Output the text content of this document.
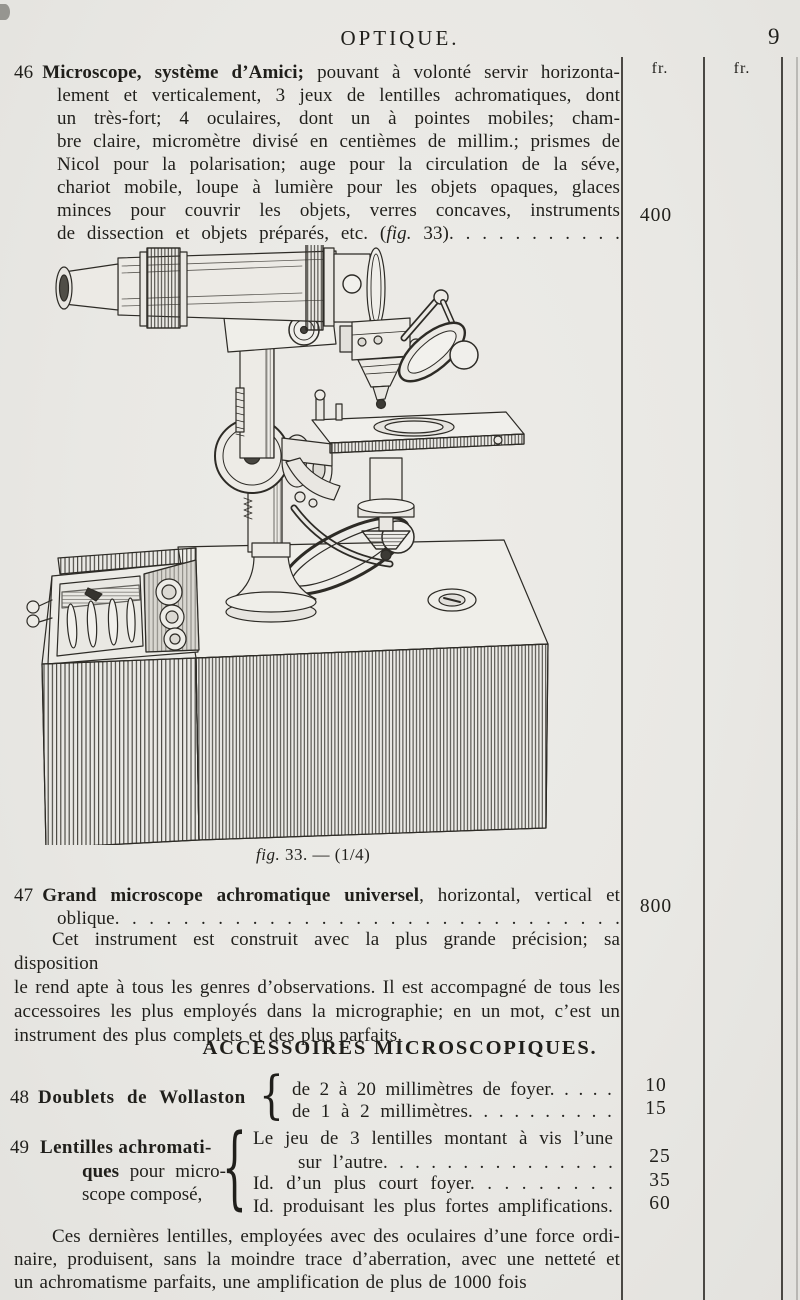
OPTIQUE.	9
fr.	fr.
46 Microscope, système d’Amici; pouvant à volonté servir horizonta-
lement et verticalement, 3 jeux de lentilles achromatiques, dont
un très-fort; 4 oculaires, dont un à pointes mobiles; cham-
bre claire, micromètre divisé en centièmes de millim.; prismes de
Nicol pour la polarisation; auge pour la circulation de la séve,
chariot mobile, loupe à lumière pour les objets opaques, glaces
minces pour couvrir les objets, verres concaves, instruments
de dissection et objets préparés, etc. (fig. 33). . . . . . . . . . .
400
fig. 33. — (1/4)
47 Grand microscope achromatique universel, horizontal, vertical et
oblique. . . . . . . . . . . . . . . . . . . . . . . . . . . . . .
800
Cet instrument est construit avec la plus grande précision; sa disposition
le rend apte à tous les genres d’observations. Il est accompagné de tous les
accessoires les plus employés dans la micrographie; en un mot, c’est un
instrument des plus complets et des plus parfaits.
ACCESSOIRES MICROSCOPIQUES.
48 Doublets de Wollaston { de 2 à 20 millimètres de foyer. . . . .
de 1 à 2 millimètres. . . . . . . . . .
10
15
49 Lentilles achromati-
ques pour micro-
scope composé, { Le jeu de 3 lentilles montant à vis l’une
sur l’autre. . . . . . . . . . . . . . .
Id. d’un plus court foyer. . . . . . . . .
Id. produisant les plus fortes amplifications.
25
35
60
Ces dernières lentilles, employées avec des oculaires d’une force ordi-
naire, produisent, sans la moindre trace d’aberration, avec une netteté et
un achromatisme parfaits, une amplification de plus de 1000 fois
